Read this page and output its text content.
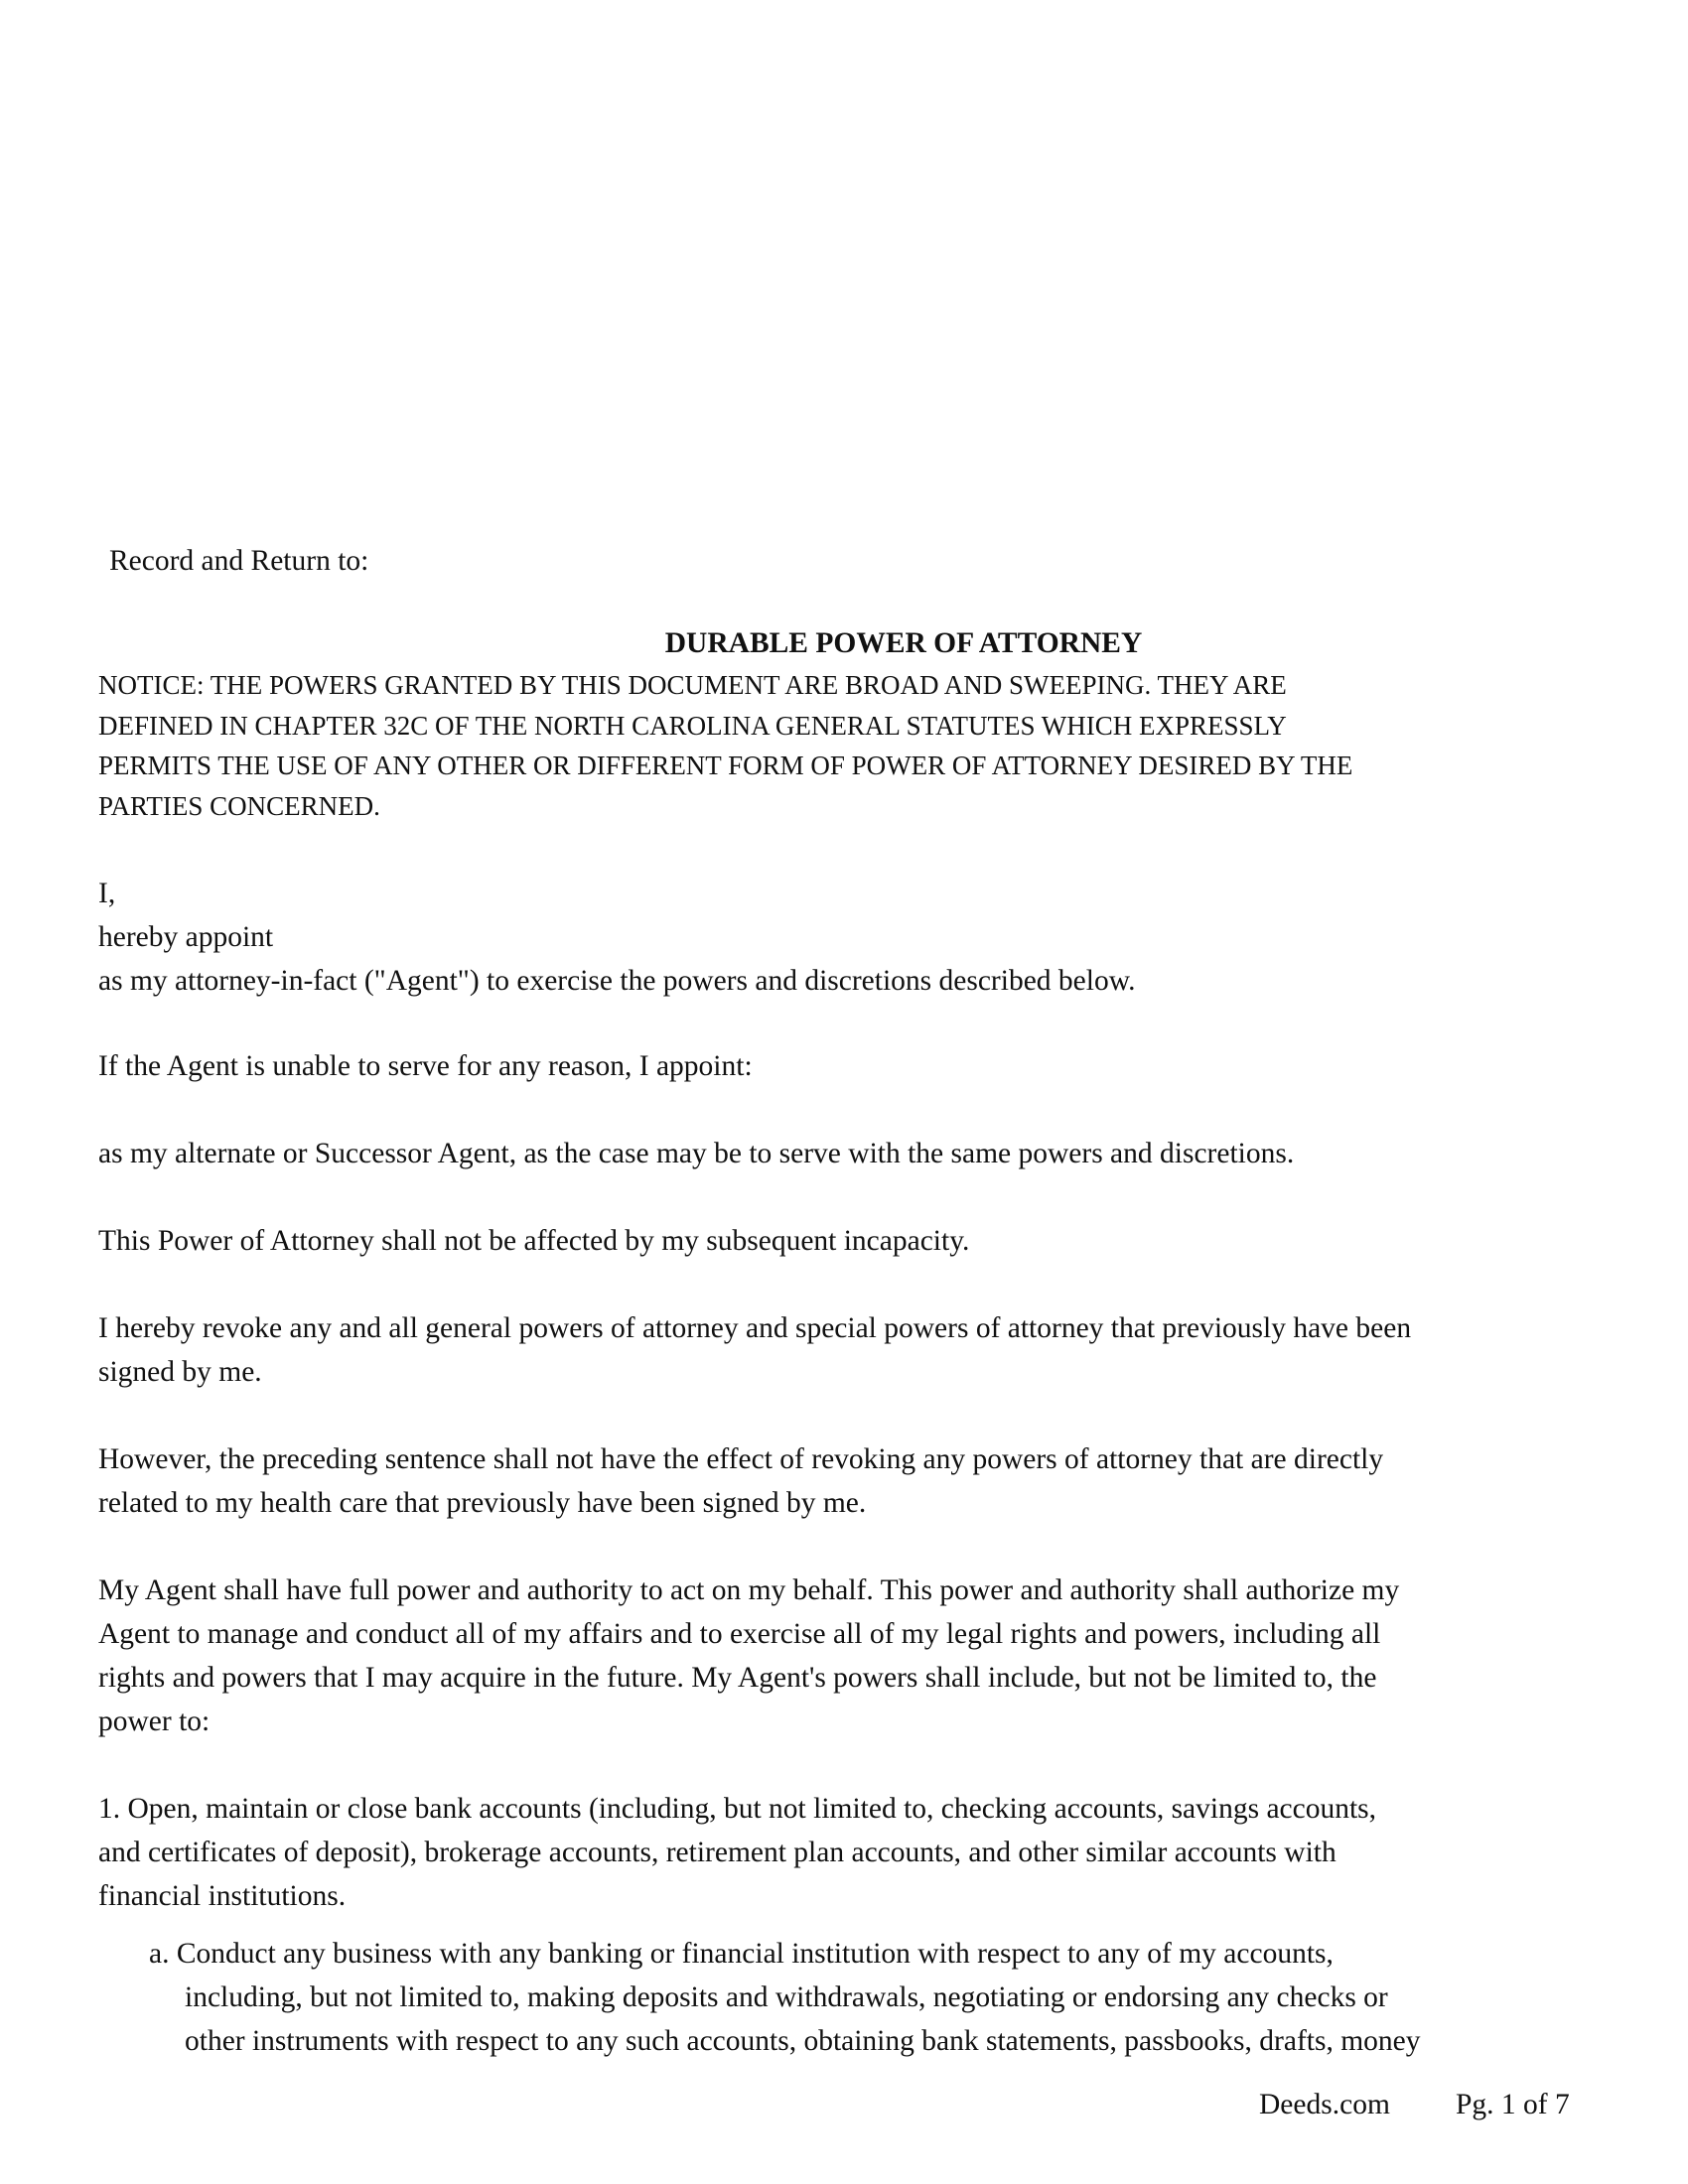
Record and Return to:
DURABLE POWER OF ATTORNEY
NOTICE: THE POWERS GRANTED BY THIS DOCUMENT ARE BROAD AND SWEEPING. THEY ARE
DEFINED IN CHAPTER 32C OF THE NORTH CAROLINA GENERAL STATUTES WHICH EXPRESSLY
PERMITS THE USE OF ANY OTHER OR DIFFERENT FORM OF POWER OF ATTORNEY DESIRED BY THE
PARTIES CONCERNED.
I,
hereby appoint
as my attorney-in-fact ("Agent") to exercise the powers and discretions described below.
If the Agent is unable to serve for any reason, I appoint:
as my alternate or Successor Agent, as the case may be to serve with the same powers and discretions.
This Power of Attorney shall not be affected by my subsequent incapacity.
I hereby revoke any and all general powers of attorney and special powers of attorney that previously have been
signed by me.
However, the preceding sentence shall not have the effect of revoking any powers of attorney that are directly
related to my health care that previously have been signed by me.
My Agent shall have full power and authority to act on my behalf. This power and authority shall authorize my
Agent to manage and conduct all of my affairs and to exercise all of my legal rights and powers, including all
rights and powers that I may acquire in the future. My Agent's powers shall include, but not be limited to, the
power to:
1. Open, maintain or close bank accounts (including, but not limited to, checking accounts, savings accounts,
and certificates of deposit), brokerage accounts, retirement plan accounts, and other similar accounts with
financial institutions.
a. Conduct any business with any banking or financial institution with respect to any of my accounts,
including, but not limited to, making deposits and withdrawals, negotiating or endorsing any checks or
other instruments with respect to any such accounts, obtaining bank statements, passbooks, drafts, money
Deeds.com Pg. 1 of 7
